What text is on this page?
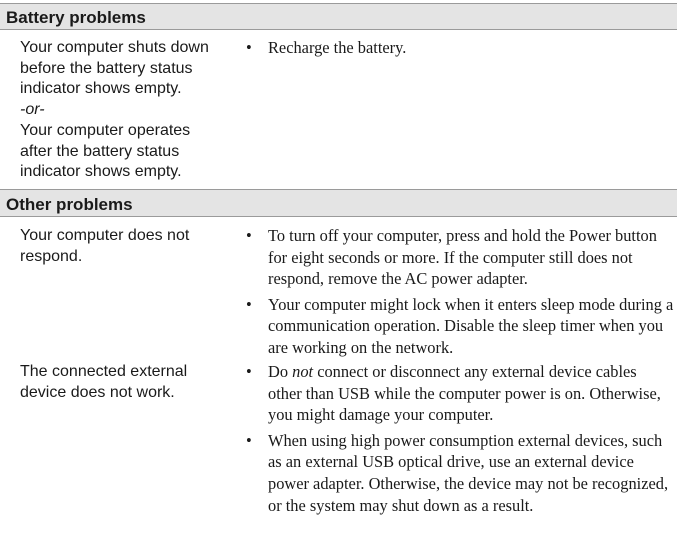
Battery problems
Your computer shuts down
before the battery status
indicator shows empty.
-or-
Your computer operates
after the battery status
indicator shows empty.
• Recharge the battery.
Other problems
Your computer does not
respond.
• To turn off your computer, press and hold the Power button for eight seconds or more. If the computer still does not respond, remove the AC power adapter.
• Your computer might lock when it enters sleep mode during a communication operation. Disable the sleep timer when you are working on the network.
The connected external
device does not work.
• Do not connect or disconnect any external device cables other than USB while the computer power is on. Otherwise, you might damage your computer.
• When using high power consumption external devices, such as an external USB optical drive, use an external device power adapter. Otherwise, the device may not be recognized, or the system may shut down as a result.
